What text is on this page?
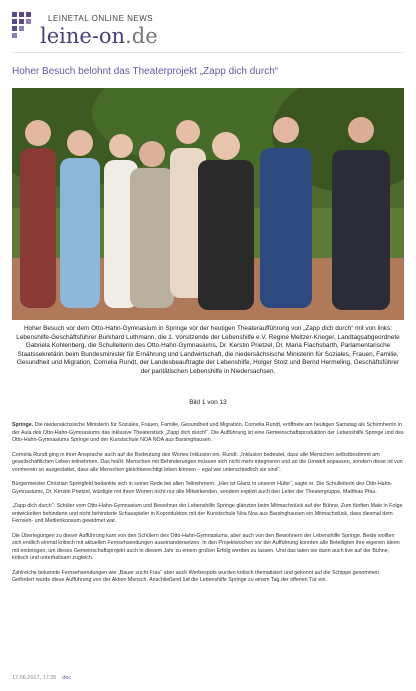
LEINETAL ONLINE NEWS
leine-on.de
Hoher Besuch belohnt das Theaterprojekt „Zapp dich durch“
Hoher Besuch vor dem Otto-Hahn-Gymnasium in Springe vor der heutigen Theateraufführung von „Zapp dich durch“ mit von links: Lebenshilfe-Geschäftsführer Burkhard Luthmann, die 1. Vorsitzende der Lebenshilfe e.V. Regine Meltzer-Krieger, Landtagsabgeordnete Gabriela Kohlenberg, die Schulleiterin des Otto-Hahn-Gymnasiums, Dr. Kerstin Prietzel, Dr. Maria Flachsbarth, Parlamentarische Staatssekretärin beim Bundesminister für Ernährung und Landwirtschaft, die niedersächsische Ministerin für Soziales, Frauen, Familie, Gesundheit und Migration, Cornelia Rundt, der Landesbeauftragte der Lebenshilfe, Holger Stolz und Bernd Hermeling, Geschäftsführer der paritätischen Lebenshilfe in Niedersachsen.
Bild 1 von 13

Springe. Die niedersächsische Ministerin für Soziales, Frauen, Familie, Gesundheit und Migration, Cornelia Rundt, eröffnete am heutigen Samstag als Schirmherrin in der Aula des Otto-Hahn-Gymnasiums das inklusive Theaterstück „Zapp dich durch!“. Die Aufführung ist eine Gemeinschaftsproduktion der Lebenshilfe Springe und des Otto-Hahn-Gymnasiums Springe und der Kunstschule NOA NOA aus Barsinghausen.

Cornelia Rundt ging in ihrer Ansprache auch auf die Bedeutung des Wortes Inklusion ein. Rundt: „Inklusion bedeutet, dass alle Menschen selbstbestimmt am gesellschaftlichen Leben teilnehmen. Das heißt: Menschen mit Behinderungen müssen sich nicht mehr integrieren und an die Umwelt anpassen, sondern diese ist von vornherein so ausgestattet, dass alle Menschen gleichberechtigt leben können – egal wie unterschiedlich sie sind“.

Bürgermeister Christian Springfeld bedankte sich in seiner Rede bei allen Teilnehmern. „Hier ist Glanz in unserer Hütte“, sagte er. Die Schulleiterin des Otto-Hahn-Gymnasiums, Dr. Kerstin Prietzel, würdigte mit ihren Worten nicht nur alle Mitwirkenden, sondern explizit auch den Leiter der Theatergruppe, Matthias Pfau.

„Zapp dich durch“: Schüler vom Otto-Hahn-Gymnasium und Bewohner der Lebenshilfe Springe glänzten beim Mitmachstück auf der Bühne. Zum fünften Male in Folge entwickelten behinderte und nicht behinderte Schauspieler in Koproduktion mit der Kunstschule Noa Noa aus Barsinghausen ein Mitmachstück, dass diesmal dem Fernseh- und Medienkonsum gewidmet war.

Die Überlegungen zu dieser Aufführung kam von den Schülern des Otto-Hahn-Gymnasiums, aber auch von den Bewohnern der Lebenshilfe Springe. Beide wollten sich endlich einmal kritisch mit aktuellen Fernsehsendungen auseinandersetzen. In den Projektwochen vor der Aufführung konnten alle Beteiligten ihre eigenen Ideen mit einbringen, um dieses Gemeinschaftsprojekt auch in diesem Jahr zu einem großen Erfolg werden zu lassen. Und das taten sie dann auch live auf der Bühne, kritisch und unterhaltsam zugleich.

Zahlreiche bekannte Fernsehsendungen wie „Bauer sucht Frau“ aber auch Werbespots wurden kritisch thematisiert und gekonnt auf die Schippe genommen. Gefördert wurde diese Aufführung von der Aktion Mensch. Anschließend lud die Lebenshilfe Springe zu einem Tag der offenen Tür ein.

17.06.2017, 17:35 dec
